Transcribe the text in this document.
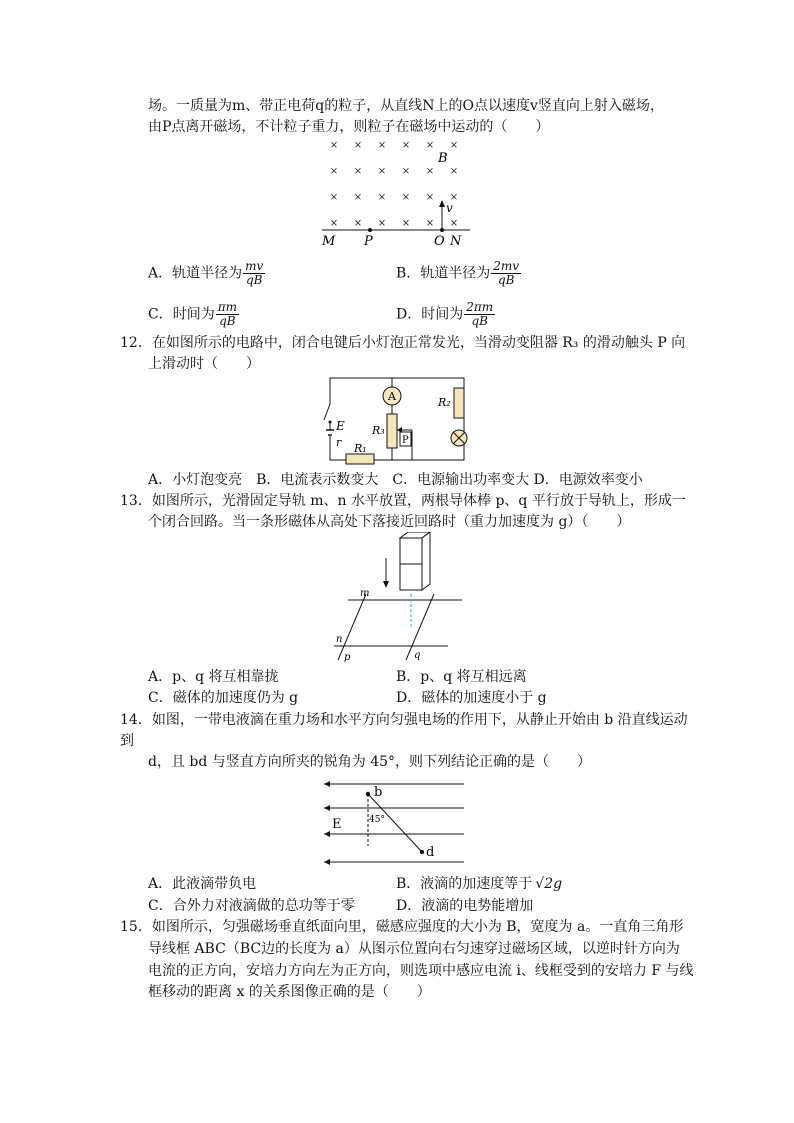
场。一质量为m、带正电荷q的粒子，从直线N上的O点以速度v竖直向上射入磁场，
由P点离开磁场，不计粒子重力，则粒子在磁场中运动的（　　）
× × × × × ×
× × × × × ×
× × × × × ×
× × × × × ×
B
v
M P	O N
A．轨道半径为 $\frac{mv}{qB}$	B．轨道半径为 $\frac{2mv}{qB}$
C．时间为 $\frac{\pi m}{qB}$	D．时间为 $\frac{2\pi m}{qB}$
12．在如图所示的电路中，闭合电键后小灯泡正常发光，当滑动变阻器 R₃ 的滑动触头 P 向
上滑动时（　　）
E
r R₁
A
R₃
P
R₂
A．小灯泡变亮　B．电流表示数变大　C．电源输出功率变大 D．电源效率变小
13．如图所示，光滑固定导轨 m、n 水平放置，两根导体棒 p、q 平行放于导轨上，形成一
个闭合回路。当一条形磁体从高处下落接近回路时（重力加速度为 g）（　　）
m
n
p	q
A．p、q 将互相靠拢	B．p、q 将互相远离
C．磁体的加速度仍为 g	D．磁体的加速度小于 g
14．如图，一带电液滴在重力场和水平方向匀强电场的作用下，从静止开始由 b 沿直线运动
到
d，且 bd 与竖直方向所夹的锐角为 45°，则下列结论正确的是（　　）
E
b
d
45°
A．此液滴带负电	B．液滴的加速度等于 √2g
C．合外力对液滴做的总功等于零	D．液滴的电势能增加
15．如图所示，匀强磁场垂直纸面向里，磁感应强度的大小为 B，宽度为 a。一直角三角形
导线框 ABC（BC边的长度为 a）从图示位置向右匀速穿过磁场区域，以逆时针方向为
电流的正方向，安培力方向左为正方向，则选项中感应电流 i、线框受到的安培力 F 与线
框移动的距离 x 的关系图像正确的是（　　）
